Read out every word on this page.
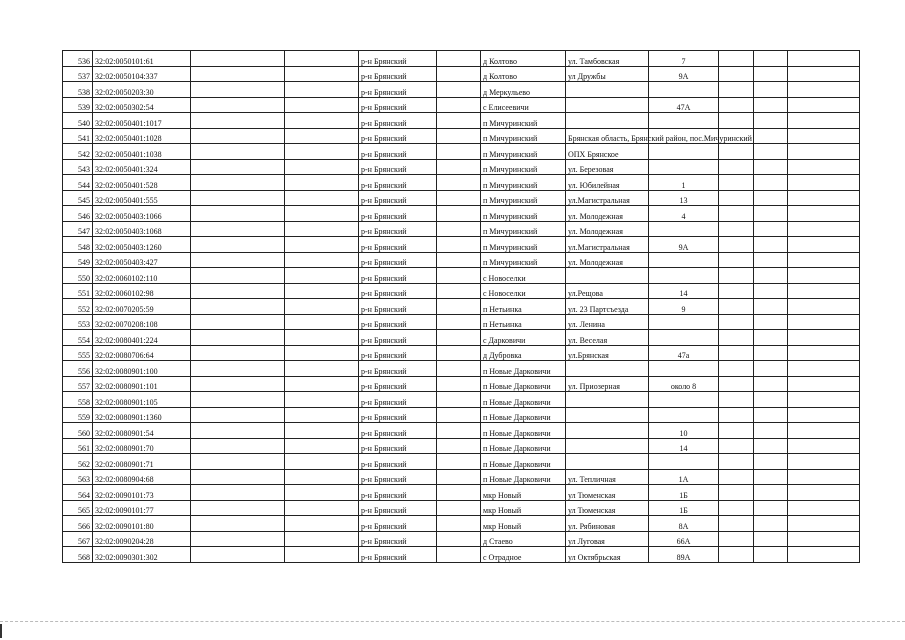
536	32:02:0050101:61			р-н Брянский		д Колтово	ул. Тамбовская	7			
537	32:02:0050104:337			р-н Брянский		д Колтово	ул Дружбы	9А			
538	32:02:0050203:30			р-н Брянский		д Меркульево					
539	32:02:0050302:54			р-н Брянский		с Елисеевичи		47А			
540	32:02:0050401:1017			р-н Брянский		п Мичуринский					
541	32:02:0050401:1028			р-н Брянский		п Мичуринский	Брянская область, Брянский район, пос.Мичуринский				
542	32:02:0050401:1038			р-н Брянский		п Мичуринский	ОПХ Брянское				
543	32:02:0050401:324			р-н Брянский		п Мичуринский	ул. Березовая				
544	32:02:0050401:528			р-н Брянский		п Мичуринский	ул. Юбилейная	1			
545	32:02:0050401:555			р-н Брянский		п Мичуринский	ул.Магистральная	13			
546	32:02:0050403:1066			р-н Брянский		п Мичуринский	ул. Молодежная	4			
547	32:02:0050403:1068			р-н Брянский		п Мичуринский	ул. Молодежная				
548	32:02:0050403:1260			р-н Брянский		п Мичуринский	ул.Магистральная	9А			
549	32:02:0050403:427			р-н Брянский		п Мичуринский	ул. Молодежная				
550	32:02:0060102:110			р-н Брянский		с Новоселки					
551	32:02:0060102:98			р-н Брянский		с Новоселки	ул.Рещова	14			
552	32:02:0070205:59			р-н Брянский		п Нетьинка	ул. 23 Партсъезда	9			
553	32:02:0070208:108			р-н Брянский		п Нетьинка	ул. Ленина				
554	32:02:0080401:224			р-н Брянский		с Дарковичи	ул. Веселая				
555	32:02:0080706:64			р-н Брянский		д Дубровка	ул.Брянская	47а			
556	32:02:0080901:100			р-н Брянский		п Новые Дарковичи					
557	32:02:0080901:101			р-н Брянский		п Новые Дарковичи	ул. Приозерная	около 8			
558	32:02:0080901:105			р-н Брянский		п Новые Дарковичи					
559	32:02:0080901:1360			р-н Брянский		п Новые Дарковичи					
560	32:02:0080901:54			р-н Брянский		п Новые Дарковичи		10			
561	32:02:0080901:70			р-н Брянский		п Новые Дарковичи		14			
562	32:02:0080901:71			р-н Брянский		п Новые Дарковичи					
563	32:02:0080904:68			р-н Брянский		п Новые Дарковичи	ул. Тепличная	1А			
564	32:02:0090101:73			р-н Брянский		мкр Новый	ул Тюменская	1Б			
565	32:02:0090101:77			р-н Брянский		мкр Новый	ул Тюменская	1Б			
566	32:02:0090101:80			р-н Брянский		мкр Новый	ул. Рябиновая	8А			
567	32:02:0090204:28			р-н Брянский		д Стаево	ул Луговая	66А			
568	32:02:0090301:302			р-н Брянский		с Отрадное	ул Октябрьская	89А			
